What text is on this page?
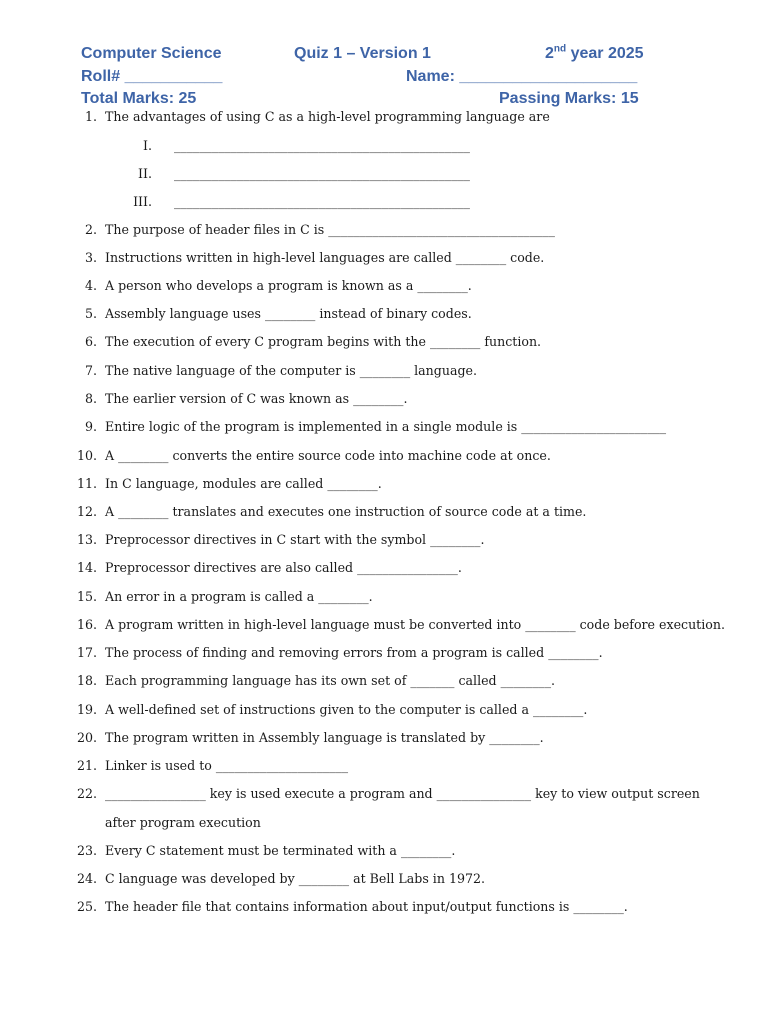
Computer Science	Quiz 1 – Version 1	2nd year 2025
Roll# ___________	Name: ____________________
Total Marks: 25	Passing Marks: 15
1. The advantages of using C as a high-level programming language are
2. The purpose of header files in C is ____________________________________
3. Instructions written in high-level languages are called ________ code.
4. A person who develops a program is known as a ________.
5. Assembly language uses ________ instead of binary codes.
6. The execution of every C program begins with the ________ function.
7. The native language of the computer is ________ language.
8. The earlier version of C was known as ________.
9. Entire logic of the program is implemented in a single module is _______________________
10. A ________ converts the entire source code into machine code at once.
11. In C language, modules are called ________.
12. A ________ translates and executes one instruction of source code at a time.
13. Preprocessor directives in C start with the symbol ________.
14. Preprocessor directives are also called ________________.
15. An error in a program is called a ________.
16. A program written in high-level language must be converted into ________ code before execution.
17. The process of finding and removing errors from a program is called ________.
18. Each programming language has its own set of _______ called ________.
19. A well-defined set of instructions given to the computer is called a ________.
20. The program written in Assembly language is translated by ________.
21. Linker is used to _____________________
22. ________________ key is used execute a program and _______________ key to view output screen
after program execution
23. Every C statement must be terminated with a ________.
24. C language was developed by ________ at Bell Labs in 1972.
25. The header file that contains information about input/output functions is ________.
I. _______________________________________________
II. _______________________________________________
III. _______________________________________________
